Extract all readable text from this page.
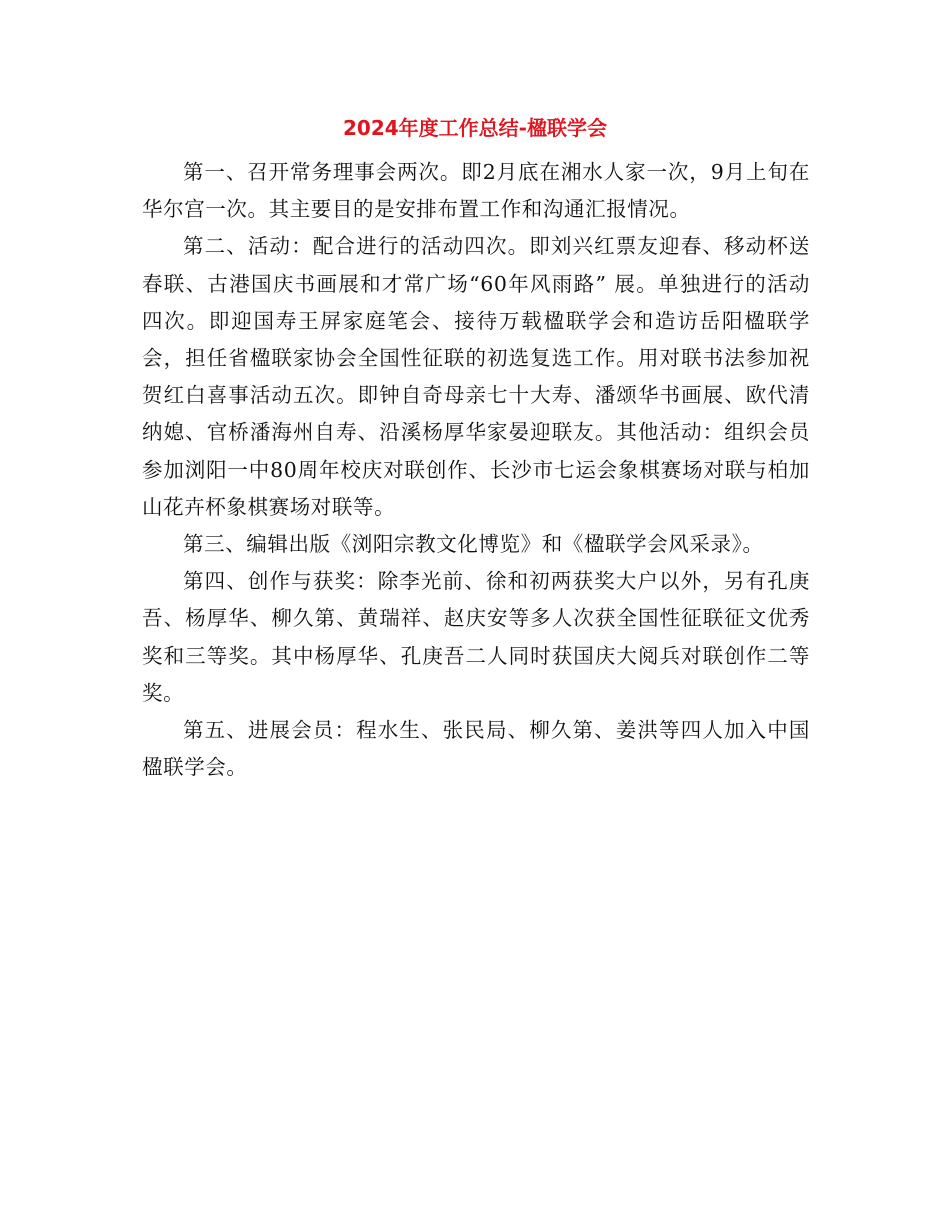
2024年度工作总结-楹联学会

第一、召开常务理事会两次。即2月底在湘水人家一次，9月上旬在华尔宫一次。其主要目的是安排布置工作和沟通汇报情况。

第二、活动：配合进行的活动四次。即刘兴红票友迎春、移动杯送春联、古港国庆书画展和才常广场“60年风雨路” 展。单独进行的活动四次。即迎国寿王屏家庭笔会、接待万载楹联学会和造访岳阳楹联学会，担任省楹联家协会全国性征联的初选复选工作。用对联书法参加祝贺红白喜事活动五次。即钟自奇母亲七十大寿、潘颂华书画展、欧代清纳媳、官桥潘海州自寿、沿溪杨厚华家晏迎联友。其他活动：组织会员参加浏阳一中80周年校庆对联创作、长沙市七运会象棋赛场对联与柏加山花卉杯象棋赛场对联等。

第三、编辑出版《浏阳宗教文化博览》和《楹联学会风采录》。

第四、创作与获奖：除李光前、徐和初两获奖大户以外，另有孔庚吾、杨厚华、柳久第、黄瑞祥、赵庆安等多人次获全国性征联征文优秀奖和三等奖。其中杨厚华、孔庚吾二人同时获国庆大阅兵对联创作二等奖。

第五、进展会员：程水生、张民局、柳久第、姜洪等四人加入中国楹联学会。
